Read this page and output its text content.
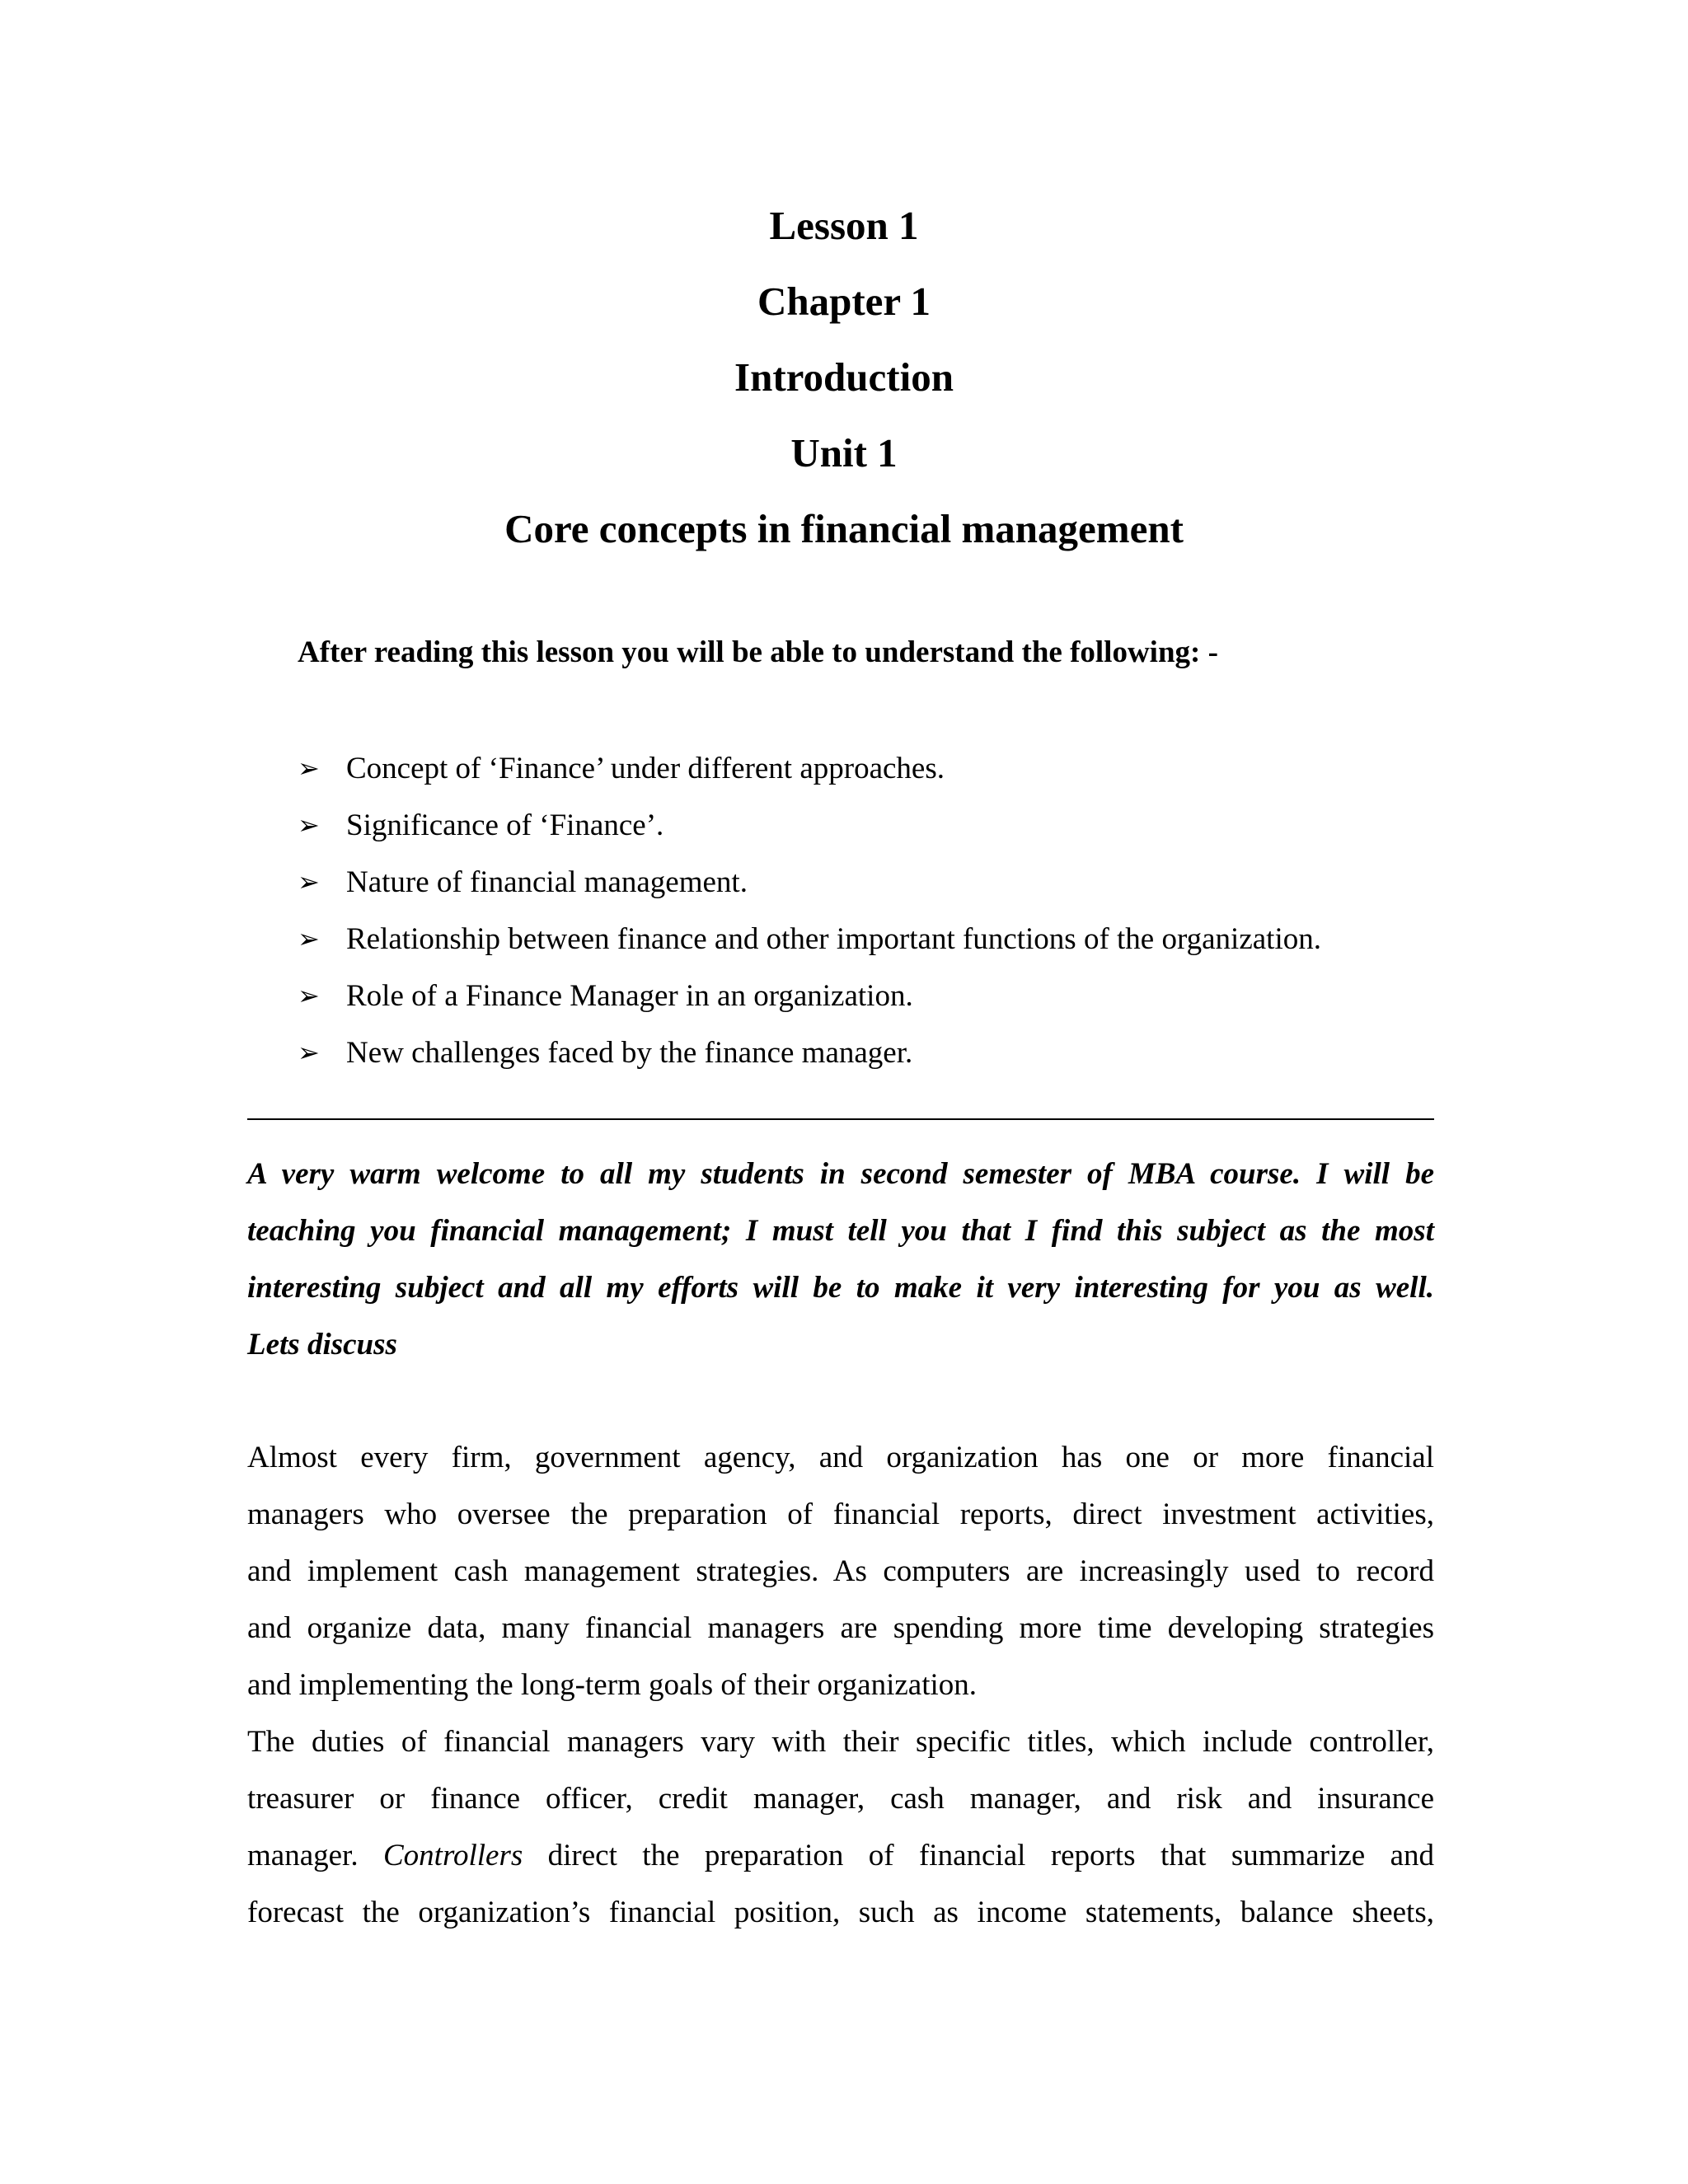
Lesson 1

Chapter 1

Introduction

Unit 1

Core concepts in financial management

After reading this lesson you will be able to understand the following: -

➢ Concept of ‘Finance’ under different approaches.
➢ Significance of ‘Finance’.
➢ Nature of financial management.
➢ Relationship between finance and other important functions of the organization.
➢ Role of a Finance Manager in an organization.
➢ New challenges faced by the finance manager.

A very warm welcome to all my students in second semester of MBA course. I will be
teaching you financial management; I must tell you that I find this subject as the most
interesting subject and all my efforts will be to make it very interesting for you as well.
Lets discuss

Almost every firm, government agency, and organization has one or more financial
managers who oversee the preparation of financial reports, direct investment activities,
and implement cash management strategies. As computers are increasingly used to record
and organize data, many financial managers are spending more time developing strategies
and implementing the long-term goals of their organization.
The duties of financial managers vary with their specific titles, which include controller,
treasurer or finance officer, credit manager, cash manager, and risk and insurance
manager. Controllers direct the preparation of financial reports that summarize and
forecast the organization’s financial position, such as income statements, balance sheets,
